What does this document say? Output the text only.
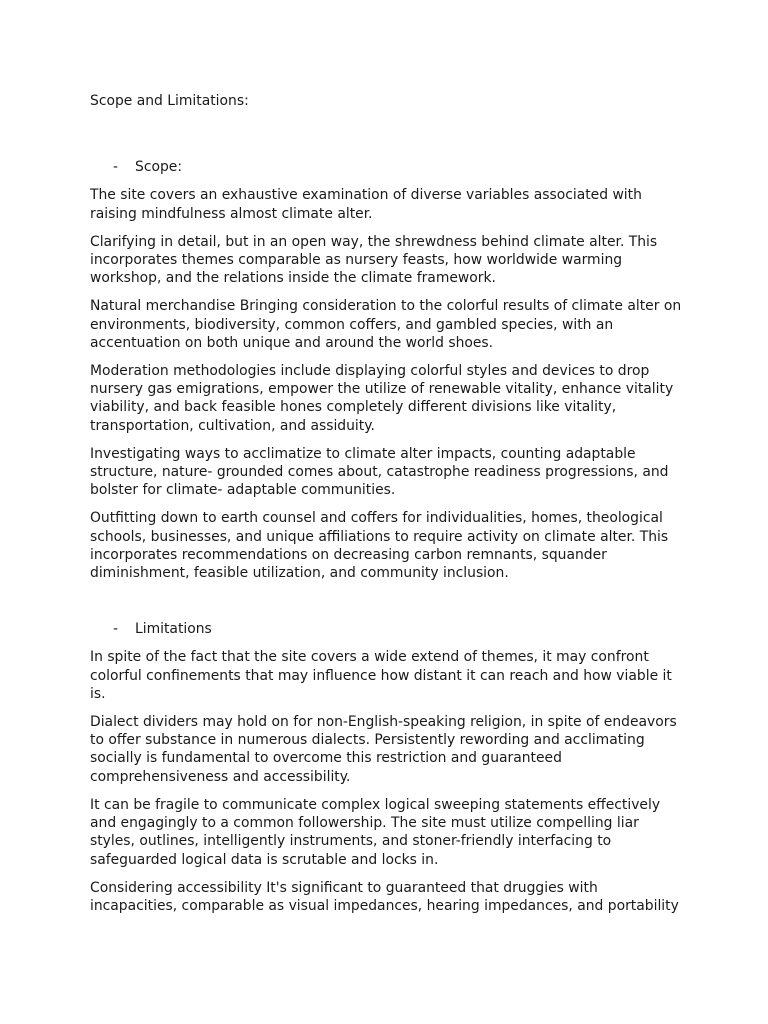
Scope and Limitations:

-	Scope:

The site covers an exhaustive examination of diverse variables associated with raising mindfulness almost climate alter.

Clarifying in detail, but in an open way, the shrewdness behind climate alter. This incorporates themes comparable as nursery feasts, how worldwide warming workshop, and the relations inside the climate framework.

Natural merchandise Bringing consideration to the colorful results of climate alter on environments, biodiversity, common coffers, and gambled species, with an accentuation on both unique and around the world shoes.

Moderation methodologies include displaying colorful styles and devices to drop nursery gas emigrations, empower the utilize of renewable vitality, enhance vitality viability, and back feasible hones completely different divisions like vitality, transportation, cultivation, and assiduity.

Investigating ways to acclimatize to climate alter impacts, counting adaptable structure, nature- grounded comes about, catastrophe readiness progressions, and bolster for climate- adaptable communities.

Outfitting down to earth counsel and coffers for individualities, homes, theological schools, businesses, and unique affiliations to require activity on climate alter. This incorporates recommendations on decreasing carbon remnants, squander diminishment, feasible utilization, and community inclusion.

-	Limitations

In spite of the fact that the site covers a wide extend of themes, it may confront colorful confinements that may influence how distant it can reach and how viable it is.

Dialect dividers may hold on for non-English-speaking religion, in spite of endeavors to offer substance in numerous dialects. Persistently rewording and acclimating socially is fundamental to overcome this restriction and guaranteed comprehensiveness and accessibility.

It can be fragile to communicate complex logical sweeping statements effectively and engagingly to a common followership. The site must utilize compelling liar styles, outlines, intelligently instruments, and stoner-friendly interfacing to safeguarded logical data is scrutable and locks in.

Considering accessibility It's significant to guaranteed that druggies with incapacities, comparable as visual impedances, hearing impedances, and portability
